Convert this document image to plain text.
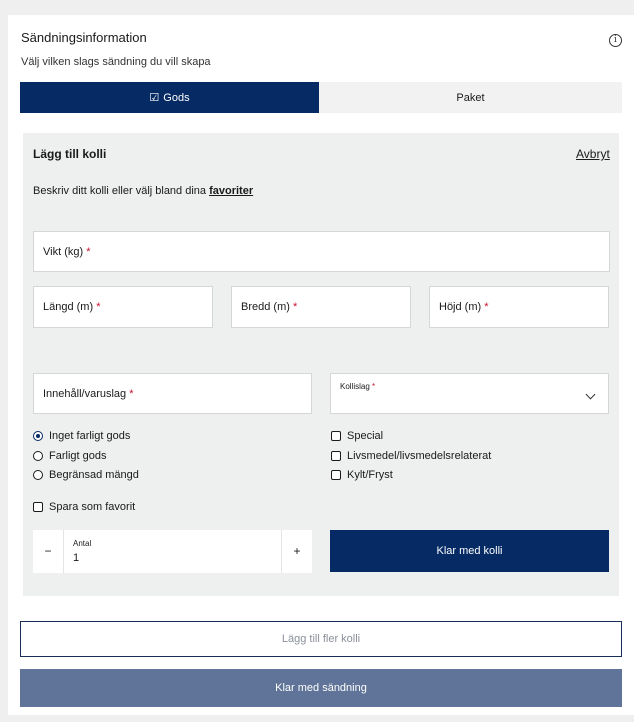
Sändningsinformation
Välj vilken slags sändning du vill skapa
i
☑ Gods	Paket
Lägg till kolli	Avbryt
Beskriv ditt kolli eller välj bland dina favoriter
Vikt (kg) *
Längd (m) *	Bredd (m) *	Höjd (m) *
Innehåll/varuslag *
Kollislag *
Inget farligt gods
Farligt gods
Begränsad mängd
Special
Livsmedel/livsmedelsrelaterat
Kylt/Fryst
Spara som favorit
−
Antal
1	+	Klar med kolli
Lägg till fler kolli
Klar med sändning
